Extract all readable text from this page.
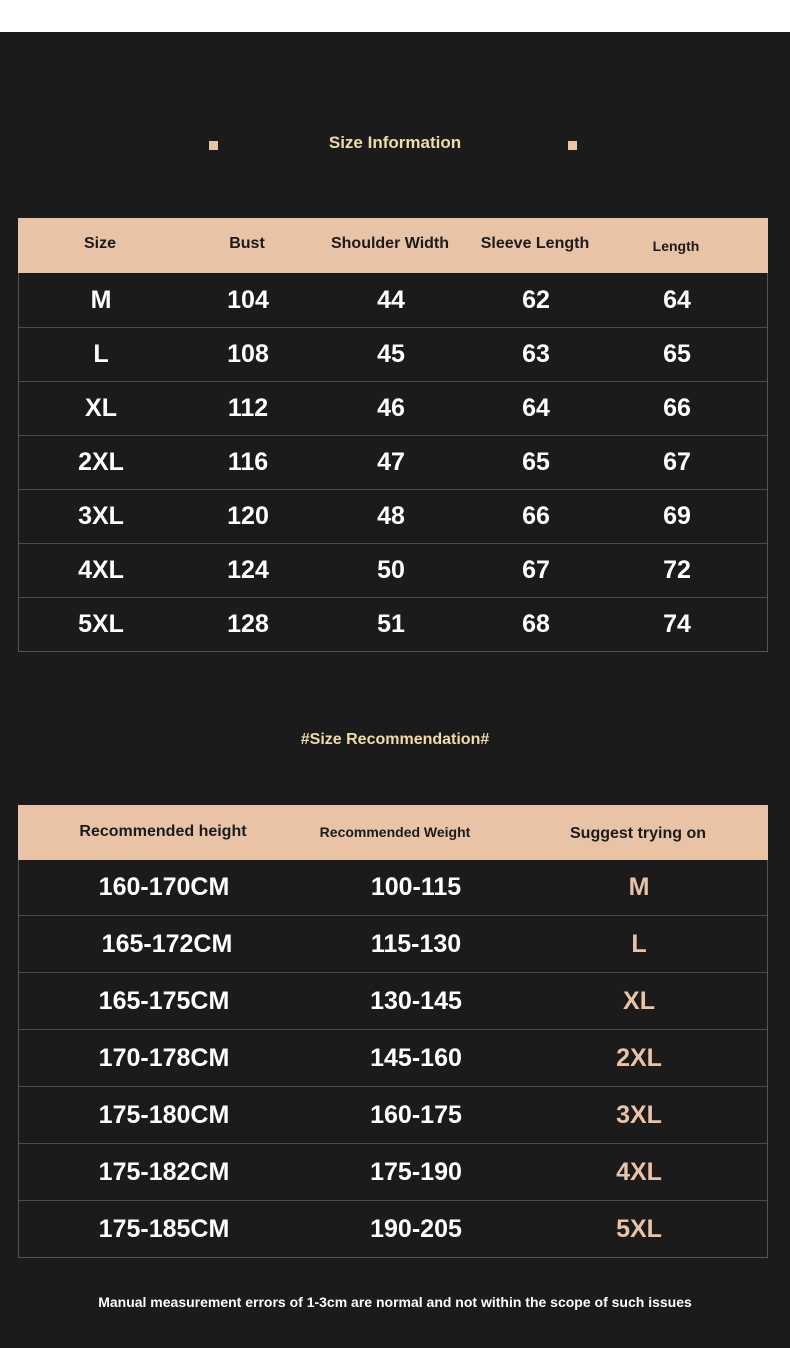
Size Information
Size	Bust	Shoulder Width	Sleeve Length	Length
M	104	44	62	64
L	108	45	63	65
XL	112	46	64	66
2XL	116	47	65	67
3XL	120	48	66	69
4XL	124	50	67	72
5XL	128	51	68	74
#Size Recommendation#
Recommended height	Recommended Weight	Suggest trying on
160-170CM	100-115	M
165-172CM	115-130	L
165-175CM	130-145	XL
170-178CM	145-160	2XL
175-180CM	160-175	3XL
175-182CM	175-190	4XL
175-185CM	190-205	5XL
Manual measurement errors of 1-3cm are normal and not within the scope of such issues
